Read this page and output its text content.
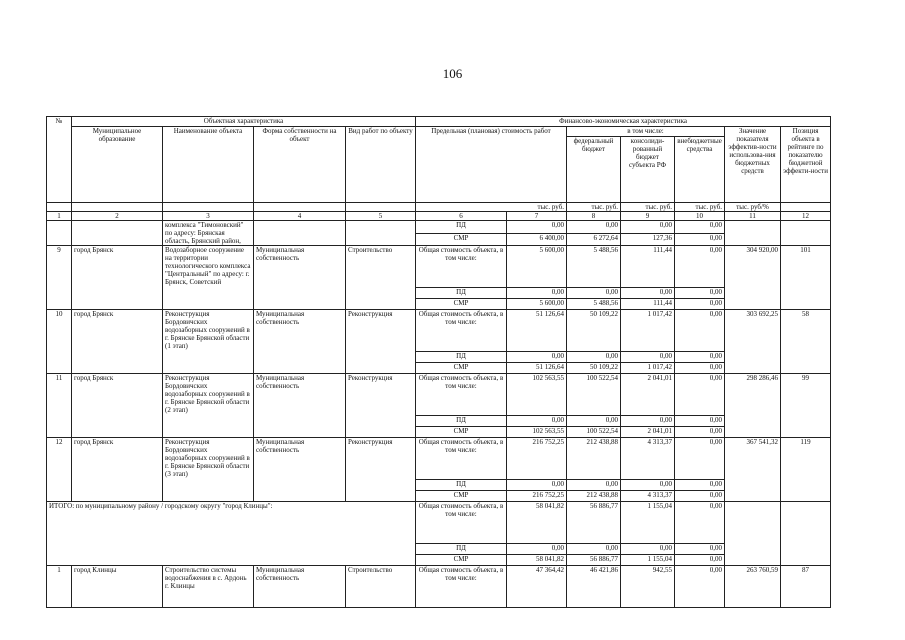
106
№	Объектная характеристика				Финансово-экономическая характеристика						
	Муниципальное образование	Наименование объекта	Форма собственности на объект	Вид работ по объекту	Предельная (плановая) стоимость работ		в том числе:			Значение показателя эффектив-ности использова-ния бюджетных средств	Позиция объекта в рейтинге по показателю бюджетной эффекти-ности
							федеральный бюджет	консолиди-рованный бюджет субъекта РФ	внебюджетные средства		
					тыс. руб.		тыс. руб.	тыс. руб.	тыс. руб.	тыс. руб/%	
1	2	3	4	5	6	7	8	9	10	11	12
		комплекса "Тимоновский" по адресу: Брянская область, Брянский район,			ПД	0,00	0,00	0,00	0,00		
					СМР	6 400,00	6 272,64	127,36	0,00		
9	город Брянск	Водозаборное сооружение на территории технологического комплекса "Центральный" по адресу: г. Брянск, Советский	Муниципальная собственность	Строительство	Общая стоимость объекта, в том числе:	5 600,00	5 488,56	111,44	0,00	304 920,00	101
					ПД	0,00	0,00	0,00	0,00		
					СМР	5 600,00	5 488,56	111,44	0,00		
10	город Брянск	Реконструкция Бордовичских водозаборных сооружений в г. Брянске Брянской области (1 этап)	Муниципальная собственность	Реконструкция	Общая стоимость объекта, в том числе:	51 126,64	50 109,22	1 017,42	0,00	303 692,25	58
					ПД	0,00	0,00	0,00	0,00		
					СМР	51 126,64	50 109,22	1 017,42	0,00		
11	город Брянск	Реконструкция Бордовичских водозаборных сооружений в г. Брянске Брянской области (2 этап)	Муниципальная собственность	Реконструкция	Общая стоимость объекта, в том числе:	102 563,55	100 522,54	2 041,01	0,00	298 286,46	99
					ПД	0,00	0,00	0,00	0,00		
					СМР	102 563,55	100 522,54	2 041,01	0,00		
12	город Брянск	Реконструкция Бордовичских водозаборных сооружений в г. Брянске Брянской области (3 этап)	Муниципальная собственность	Реконструкция	Общая стоимость объекта, в том числе:	216 752,25	212 438,88	4 313,37	0,00	367 541,32	119
					ПД	0,00	0,00	0,00	0,00		
					СМР	216 752,25	212 438,88	4 313,37	0,00		
ИТОГО: по муниципальному району / городскому округу "город Клинцы":					Общая стоимость объекта, в том числе:	58 041,82	56 886,77	1 155,04	0,00		
					ПД	0,00	0,00	0,00	0,00		
					СМР	58 041,82	56 886,77	1 155,04	0,00		
1	город Клинцы	Строительство системы водоснабжения в с. Ардонь г. Клинцы	Муниципальная собственность	Строительство	Общая стоимость объекта, в том числе:	47 364,42	46 421,86	942,55	0,00	263 760,59	87
